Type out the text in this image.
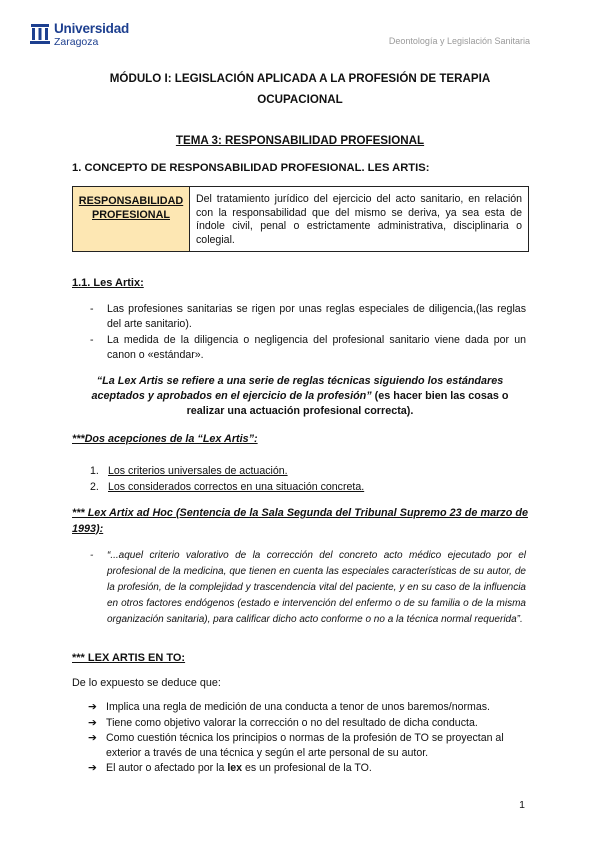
Universidad
Zaragoza	Deontología y Legislación Sanitaria
MÓDULO I: LEGISLACIÓN APLICADA A LA PROFESIÓN DE TERAPIA
OCUPACIONAL
TEMA 3: RESPONSABILIDAD PROFESIONAL
1. CONCEPTO DE RESPONSABILIDAD PROFESIONAL. LES ARTIS:
RESPONSABILIDAD
PROFESIONAL
Del tratamiento jurídico del ejercicio del acto sanitario, en relación con la responsabilidad que del mismo se deriva, ya sea esta de índole civil, penal o estrictamente administrativa, disciplinaria o colegial.
1.1. Les Artix:
- Las profesiones sanitarias se rigen por unas reglas especiales de diligencia,(las reglas del arte sanitario).
- La medida de la diligencia o negligencia del profesional sanitario viene dada por un canon o «estándar».
“La Lex Artis se refiere a una serie de reglas técnicas siguiendo los estándares aceptados y aprobados en el ejercicio de la profesión” (es hacer bien las cosas o realizar una actuación profesional correcta).
***Dos acepciones de la “Lex Artis”:
1. Los criterios universales de actuación.
2. Los considerados correctos en una situación concreta.
*** Lex Artix ad Hoc (Sentencia de la Sala Segunda del Tribunal Supremo 23 de marzo de 1993):
- “...aquel criterio valorativo de la corrección del concreto acto médico ejecutado por el profesional de la medicina, que tienen en cuenta las especiales características de su autor, de la profesión, de la complejidad y trascendencia vital del paciente, y en su caso de la influencia en otros factores endógenos (estado e intervención del enfermo o de su familia o de la misma organización sanitaria), para calificar dicho acto conforme o no a la técnica normal requerida”.
*** LEX ARTIS EN TO:
De lo expuesto se deduce que:
➔ Implica una regla de medición de una conducta a tenor de unos baremos/normas.
➔ Tiene como objetivo valorar la corrección o no del resultado de dicha conducta.
➔ Como cuestión técnica los principios o normas de la profesión de TO se proyectan al exterior a través de una técnica y según el arte personal de su autor.
➔ El autor o afectado por la lex es un profesional de la TO.
1
